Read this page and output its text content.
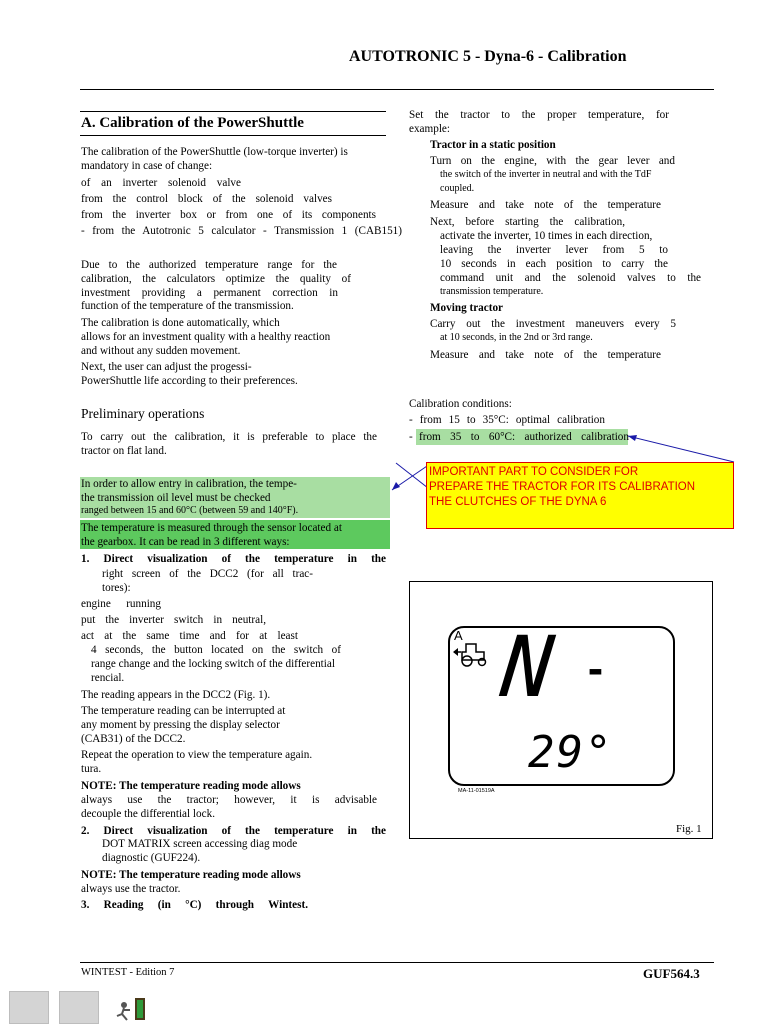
AUTOTRONIC 5 - Dyna-6 - Calibration
A. Calibration of the PowerShuttle
The calibration of the PowerShuttle (low-torque inverter) is
mandatory in case of change:
of an inverter solenoid valve
from the control block of the solenoid valves
from the inverter box or from one of its components
- from the Autotronic 5 calculator - Transmission 1 (CAB151)
Due to the authorized temperature range for the
calibration, the calculators optimize the quality of
investment providing a permanent correction in
function of the temperature of the transmission.
The calibration is done automatically, which
allows for an investment quality with a healthy reaction
and without any sudden movement.
Next, the user can adjust the progessi-
PowerShuttle life according to their preferences.
Preliminary operations
To carry out the calibration, it is preferable to place the
tractor on flat land.
In order to allow entry in calibration, the tempe-
the transmission oil level must be checked
ranged between 15 and 60°C (between 59 and 140°F).
The temperature is measured through the sensor located at
the gearbox. It can be read in 3 different ways:
1. Direct visualization of the temperature in the
right screen of the DCC2 (for all trac-
tores):
engine running
put the inverter switch in neutral,
act at the same time and for at least
4 seconds, the button located on the switch of
range change and the locking switch of the differential
rencial.
The reading appears in the DCC2 (Fig. 1).
The temperature reading can be interrupted at
any moment by pressing the display selector
(CAB31) of the DCC2.
Repeat the operation to view the temperature again.
tura.
NOTE: The temperature reading mode allows
always use the tractor; however, it is advisable
decouple the differential lock.
2. Direct visualization of the temperature in the
DOT MATRIX screen accessing diag mode
diagnostic (GUF224).
NOTE: The temperature reading mode allows
always use the tractor.
3. Reading (in °C) through Wintest.
Set the tractor to the proper temperature, for
example:
Tractor in a static position
Turn on the engine, with the gear lever and
the switch of the inverter in neutral and with the TdF
coupled.
Measure and take note of the temperature
Next, before starting the calibration,
activate the inverter, 10 times in each direction,
leaving the inverter lever from 5 to
10 seconds in each position to carry the
command unit and the solenoid valves to the
transmission temperature.
Moving tractor
Carry out the investment maneuvers every 5
at 10 seconds, in the 2nd or 3rd range.
Measure and take note of the temperature
Calibration conditions:
- from 15 to 35°C: optimal calibration
- from 35 to 60°C: authorized calibration
IMPORTANT PART TO CONSIDER FOR
PREPARE THE TRACTOR FOR ITS CALIBRATION
THE CLUTCHES OF THE DYNA 6
A N -
29°
MA-11-01519A
Fig. 1
WINTEST - Edition 7	GUF564.3
